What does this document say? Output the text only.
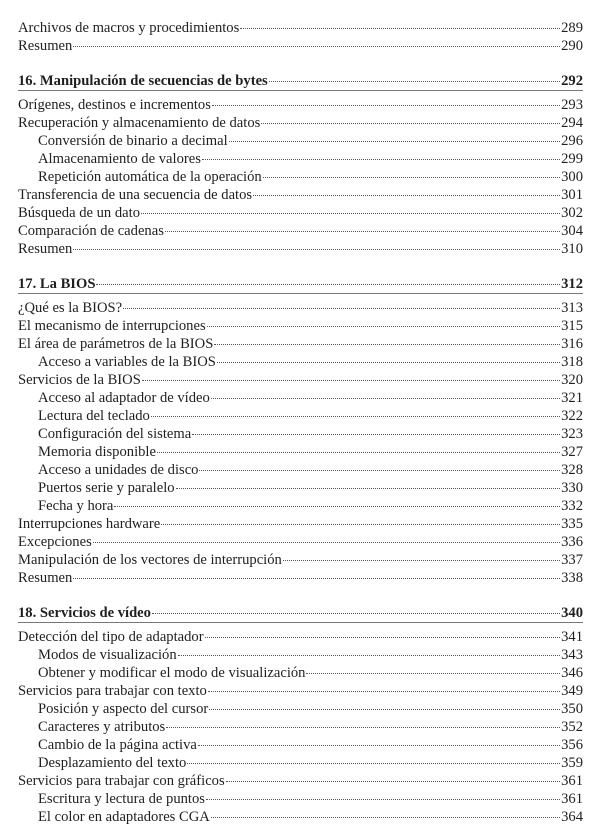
Archivos de macros y procedimientos	289
Resumen	290
16. Manipulación de secuencias de bytes	292
Orígenes, destinos e incrementos	293
Recuperación y almacenamiento de datos	294
Conversión de binario a decimal	296
Almacenamiento de valores	299
Repetición automática de la operación	300
Transferencia de una secuencia de datos	301
Búsqueda de un dato	302
Comparación de cadenas	304
Resumen	310
17. La BIOS	312
¿Qué es la BIOS?	313
El mecanismo de interrupciones	315
El área de parámetros de la BIOS	316
Acceso a variables de la BIOS	318
Servicios de la BIOS	320
Acceso al adaptador de vídeo	321
Lectura del teclado	322
Configuración del sistema	323
Memoria disponible	327
Acceso a unidades de disco	328
Puertos serie y paralelo	330
Fecha y hora	332
Interrupciones hardware	335
Excepciones	336
Manipulación de los vectores de interrupción	337
Resumen	338
18. Servicios de vídeo	340
Detección del tipo de adaptador	341
Modos de visualización	343
Obtener y modificar el modo de visualización	346
Servicios para trabajar con texto	349
Posición y aspecto del cursor	350
Caracteres y atributos	352
Cambio de la página activa	356
Desplazamiento del texto	359
Servicios para trabajar con gráficos	361
Escritura y lectura de puntos	361
El color en adaptadores CGA	364
